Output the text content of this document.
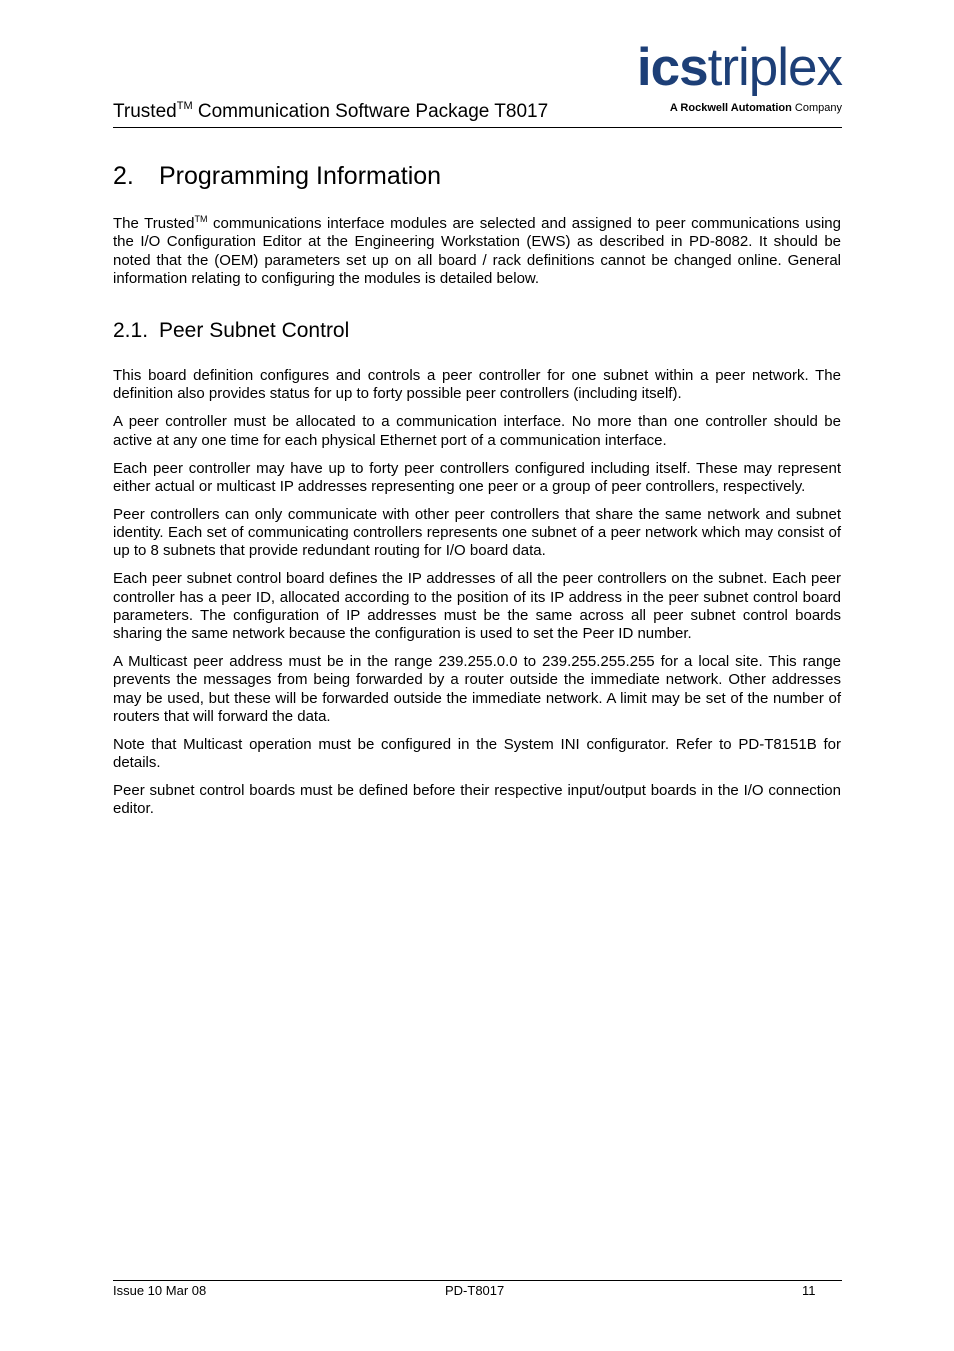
Trusted™ Communication Software Package T8017
icstriplex
A Rockwell Automation Company
2. Programming Information

The Trusted™ communications interface modules are selected and assigned to peer communications using the I/O Configuration Editor at the Engineering Workstation (EWS) as described in PD-8082. It should be noted that the (OEM) parameters set up on all board / rack definitions cannot be changed online. General information relating to configuring the modules is detailed below.

2.1. Peer Subnet Control

This board definition configures and controls a peer controller for one subnet within a peer network. The definition also provides status for up to forty possible peer controllers (including itself).

A peer controller must be allocated to a communication interface. No more than one controller should be active at any one time for each physical Ethernet port of a communication interface.

Each peer controller may have up to forty peer controllers configured including itself. These may represent either actual or multicast IP addresses representing one peer or a group of peer controllers, respectively.

Peer controllers can only communicate with other peer controllers that share the same network and subnet identity. Each set of communicating controllers represents one subnet of a peer network which may consist of up to 8 subnets that provide redundant routing for I/O board data.

Each peer subnet control board defines the IP addresses of all the peer controllers on the subnet. Each peer controller has a peer ID, allocated according to the position of its IP address in the peer subnet control board parameters. The configuration of IP addresses must be the same across all peer subnet control boards sharing the same network because the configuration is used to set the Peer ID number.

A Multicast peer address must be in the range 239.255.0.0 to 239.255.255.255 for a local site. This range prevents the messages from being forwarded by a router outside the immediate network. Other addresses may be used, but these will be forwarded outside the immediate network. A limit may be set of the number of routers that will forward the data.

Note that Multicast operation must be configured in the System INI configurator. Refer to PD-T8151B for details.

Peer subnet control boards must be defined before their respective input/output boards in the I/O connection editor.

Issue 10 Mar 08	PD-T8017	11
